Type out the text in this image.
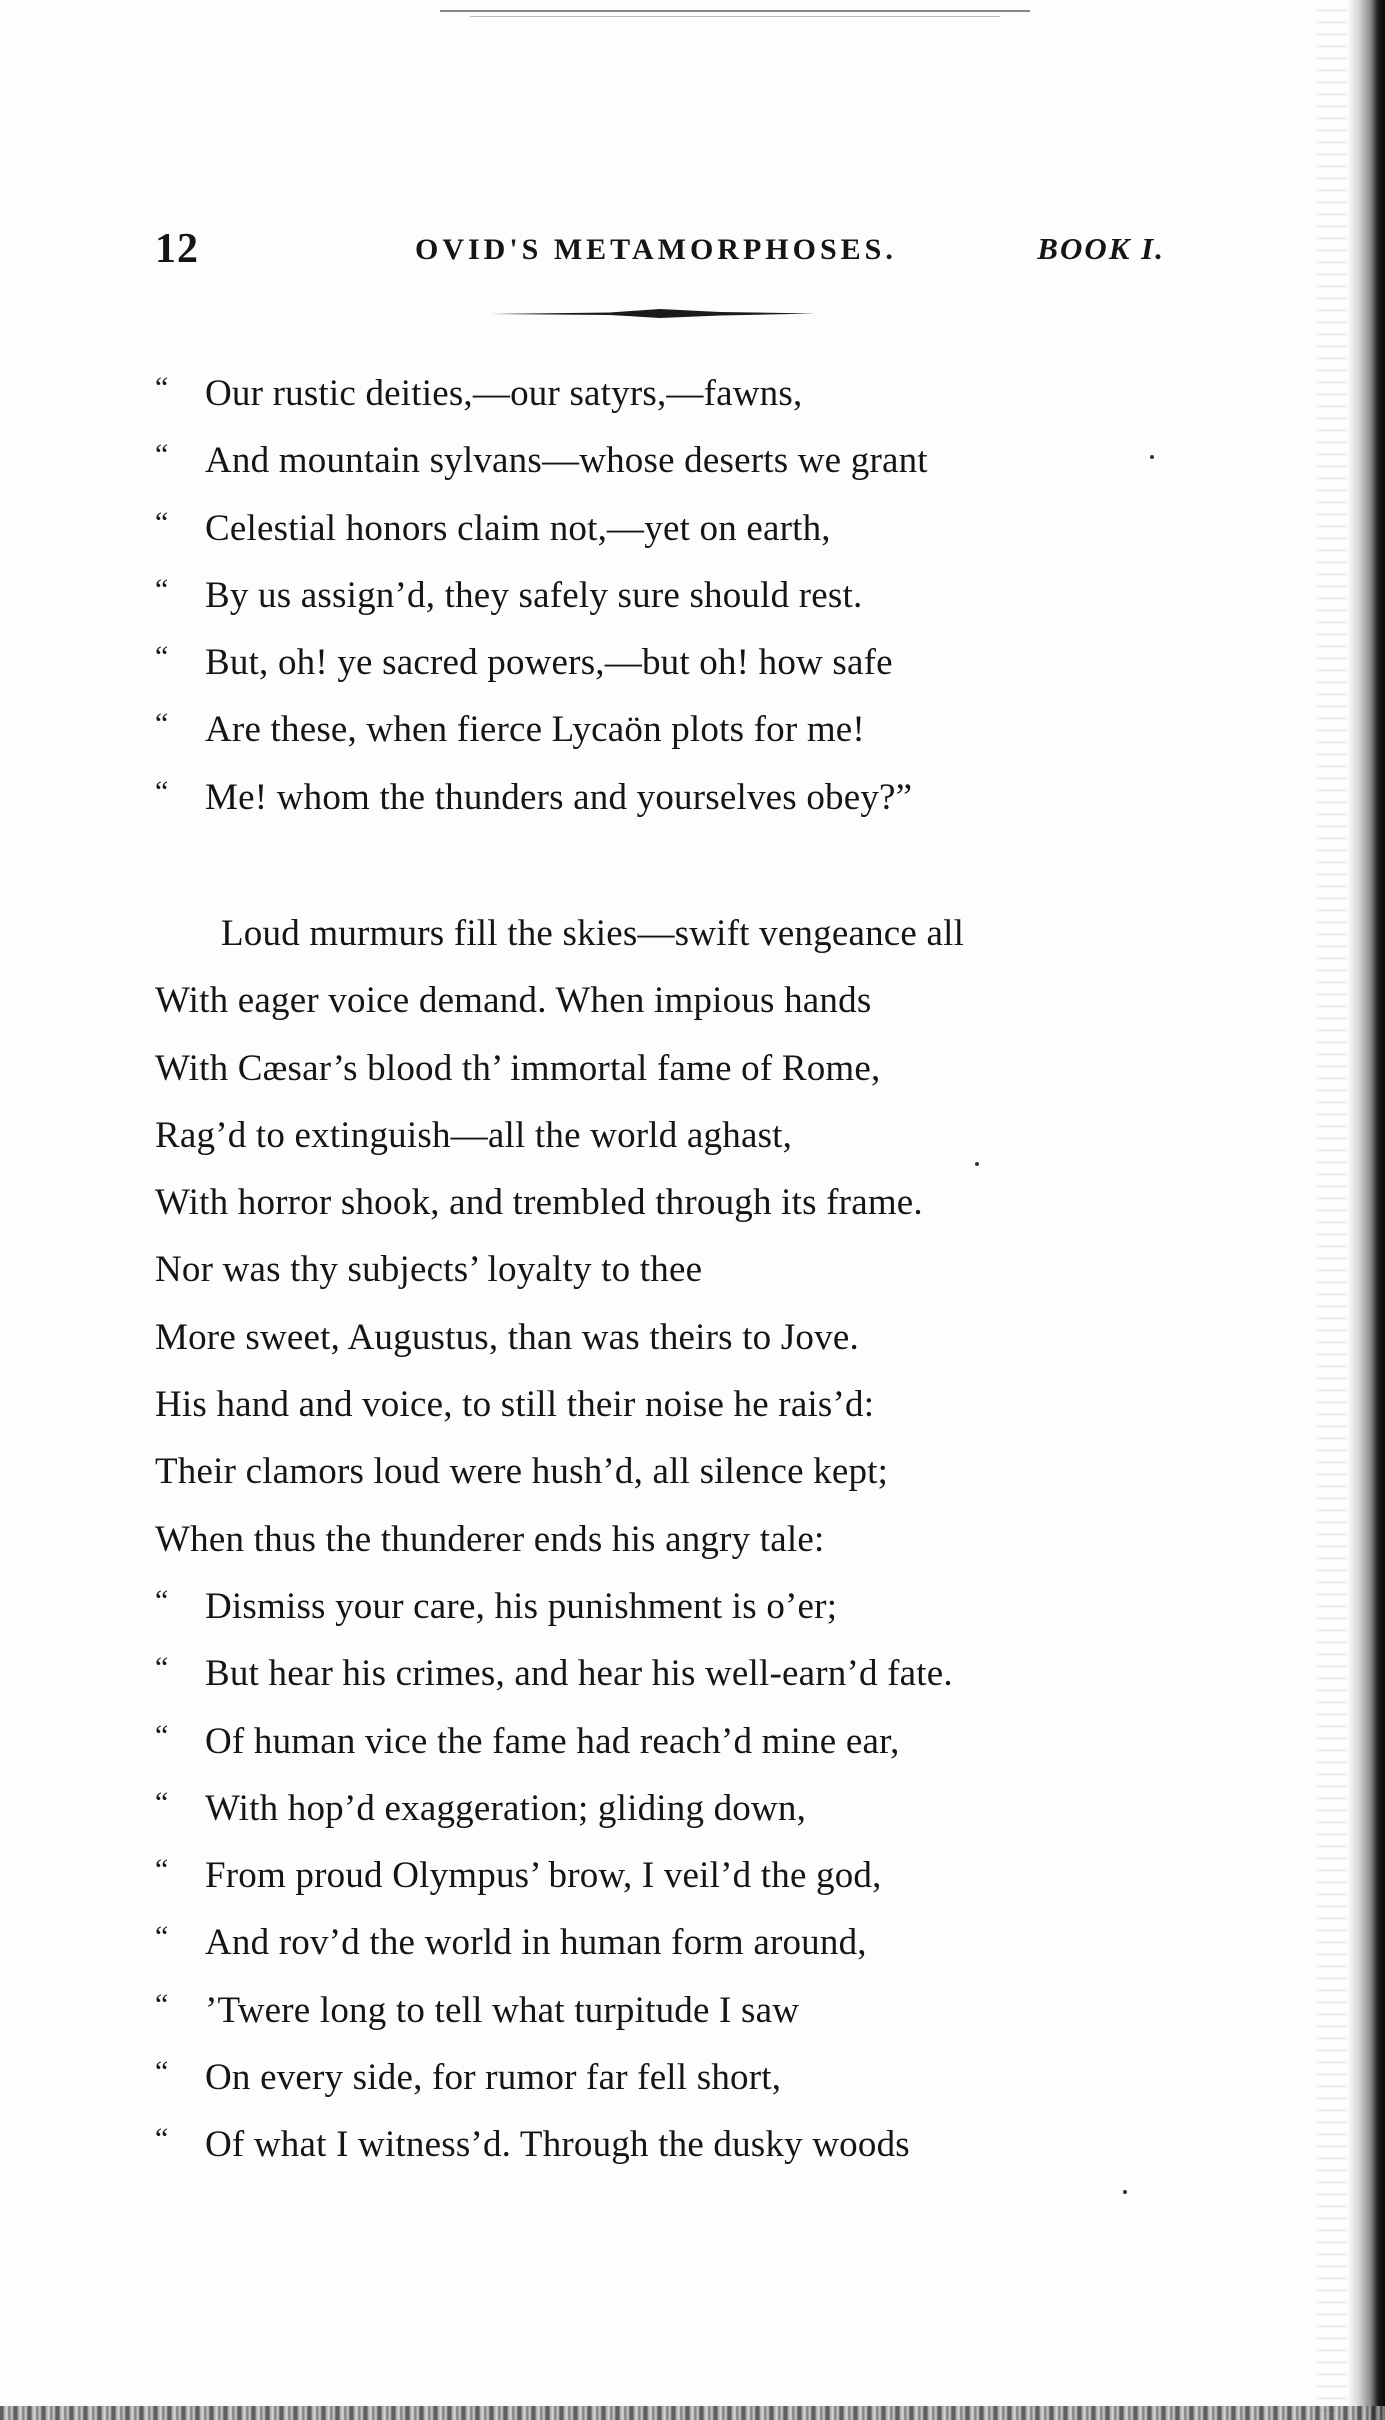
12	OVID'S METAMORPHOSES.	BOOK I.
“ Our rustic deities,—our satyrs,—fawns,
“ And mountain sylvans—whose deserts we grant
“ Celestial honors claim not,—yet on earth,
“ By us assign’d, they safely sure should rest.
“ But, oh! ye sacred powers,—but oh! how safe
“ Are these, when fierce Lycaön plots for me!
“ Me! whom the thunders and yourselves obey?”
Loud murmurs fill the skies—swift vengeance all
With eager voice demand. When impious hands
With Cæsar’s blood th’ immortal fame of Rome,
Rag’d to extinguish—all the world aghast,
With horror shook, and trembled through its frame.
Nor was thy subjects’ loyalty to thee
More sweet, Augustus, than was theirs to Jove.
His hand and voice, to still their noise he rais’d:
Their clamors loud were hush’d, all silence kept;
When thus the thunderer ends his angry tale:
“ Dismiss your care, his punishment is o’er;
“ But hear his crimes, and hear his well-earn’d fate.
“ Of human vice the fame had reach’d mine ear,
“ With hop’d exaggeration; gliding down,
“ From proud Olympus’ brow, I veil’d the god,
“ And rov’d the world in human form around,
“ ’Twere long to tell what turpitude I saw
“ On every side, for rumor far fell short,
“ Of what I witness’d. Through the dusky woods
